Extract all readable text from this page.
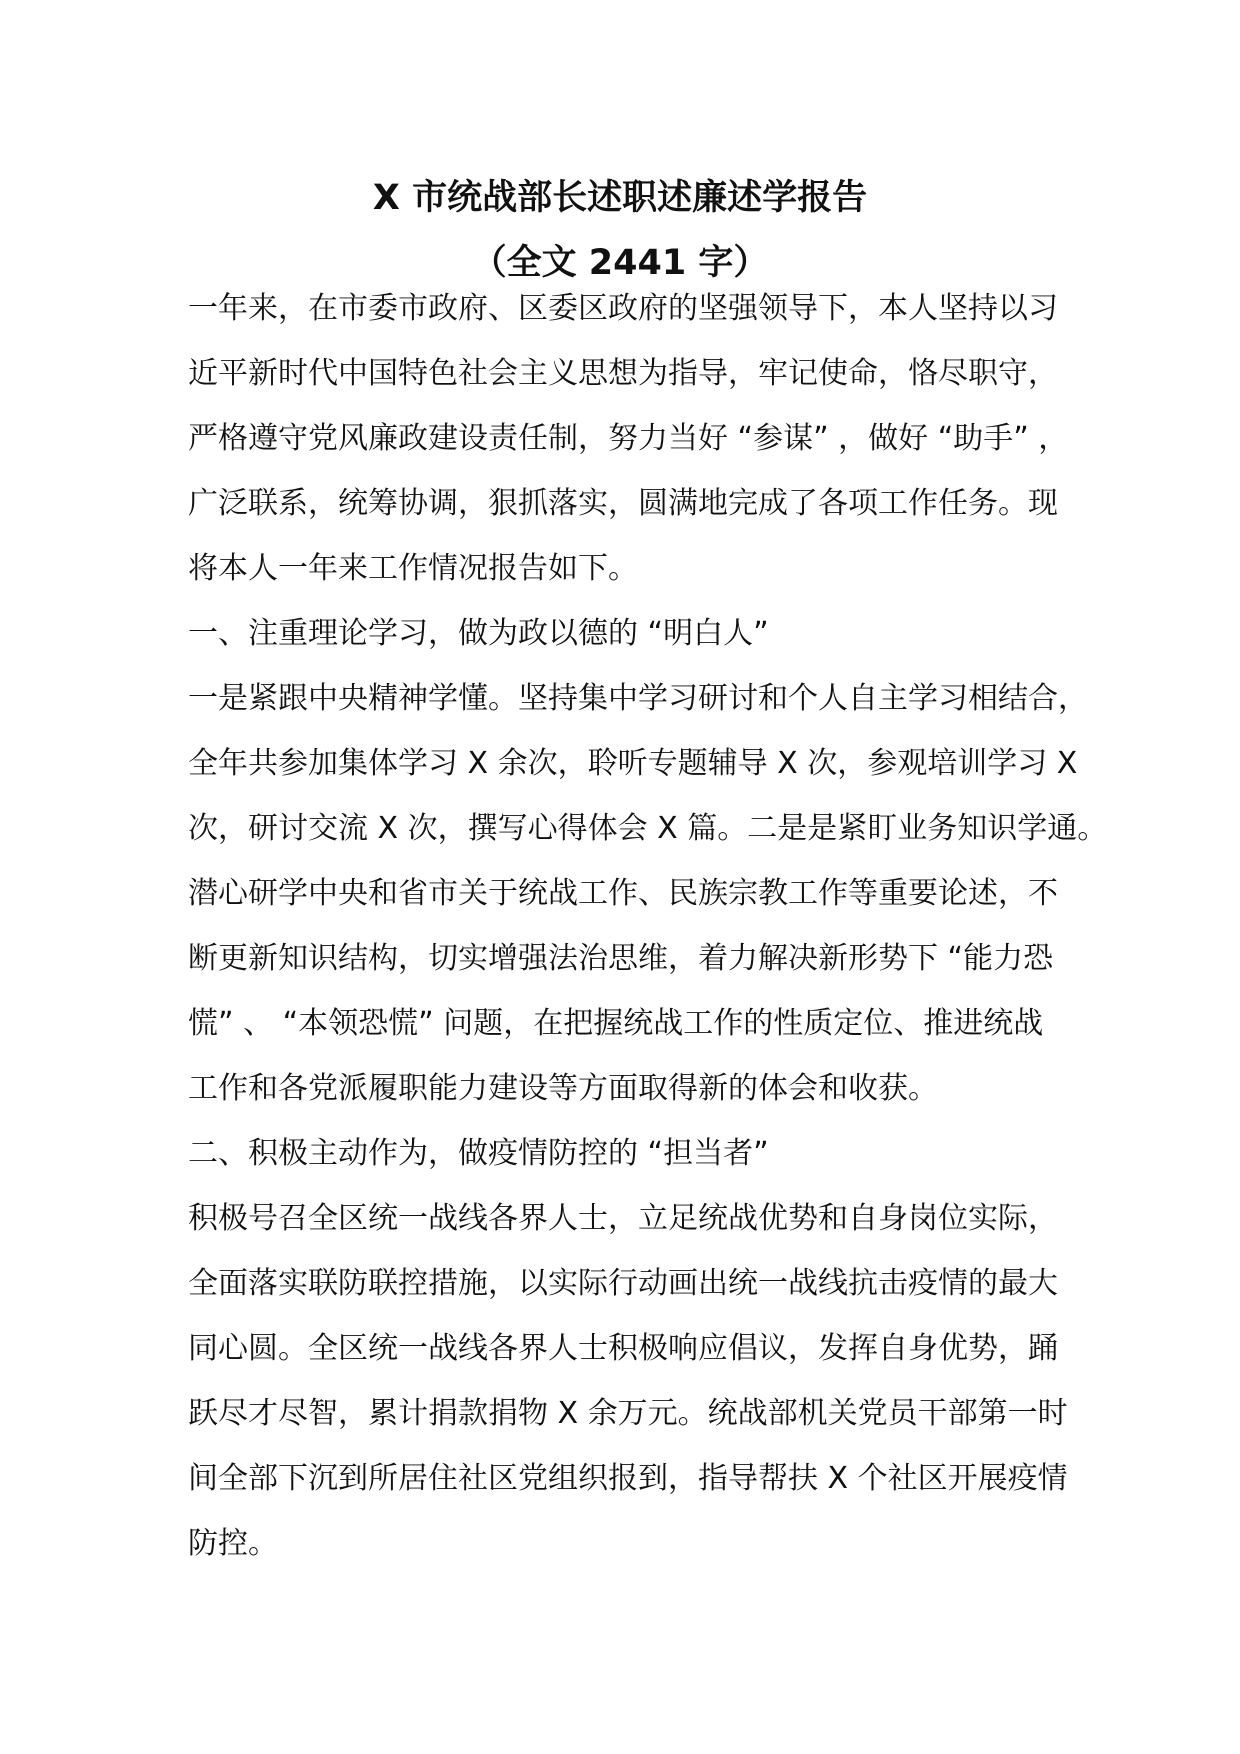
X 市统战部长述职述廉述学报告
（全文 2441 字）
一年来，在市委市政府、区委区政府的坚强领导下，本人坚持以习
近平新时代中国特色社会主义思想为指导，牢记使命，恪尽职守，
严格遵守党风廉政建设责任制，努力当好 “参谋” ，做好 “助手” ，
广泛联系，统筹协调，狠抓落实，圆满地完成了各项工作任务。现
将本人一年来工作情况报告如下。
一、注重理论学习，做为政以德的 “明白人”
一是紧跟中央精神学懂。坚持集中学习研讨和个人自主学习相结合，
全年共参加集体学习 X 余次，聆听专题辅导 X 次，参观培训学习 X
次，研讨交流 X 次，撰写心得体会 X 篇。二是是紧盯业务知识学通。
潜心研学中央和省市关于统战工作、民族宗教工作等重要论述，不
断更新知识结构，切实增强法治思维，着力解决新形势下 “能力恐
慌” 、 “本领恐慌” 问题，在把握统战工作的性质定位、推进统战
工作和各党派履职能力建设等方面取得新的体会和收获。
二、积极主动作为，做疫情防控的 “担当者”
积极号召全区统一战线各界人士，立足统战优势和自身岗位实际，
全面落实联防联控措施，以实际行动画出统一战线抗击疫情的最大
同心圆。全区统一战线各界人士积极响应倡议，发挥自身优势，踊
跃尽才尽智，累计捐款捐物 X 余万元。统战部机关党员干部第一时
间全部下沉到所居住社区党组织报到，指导帮扶 X 个社区开展疫情
防控。
